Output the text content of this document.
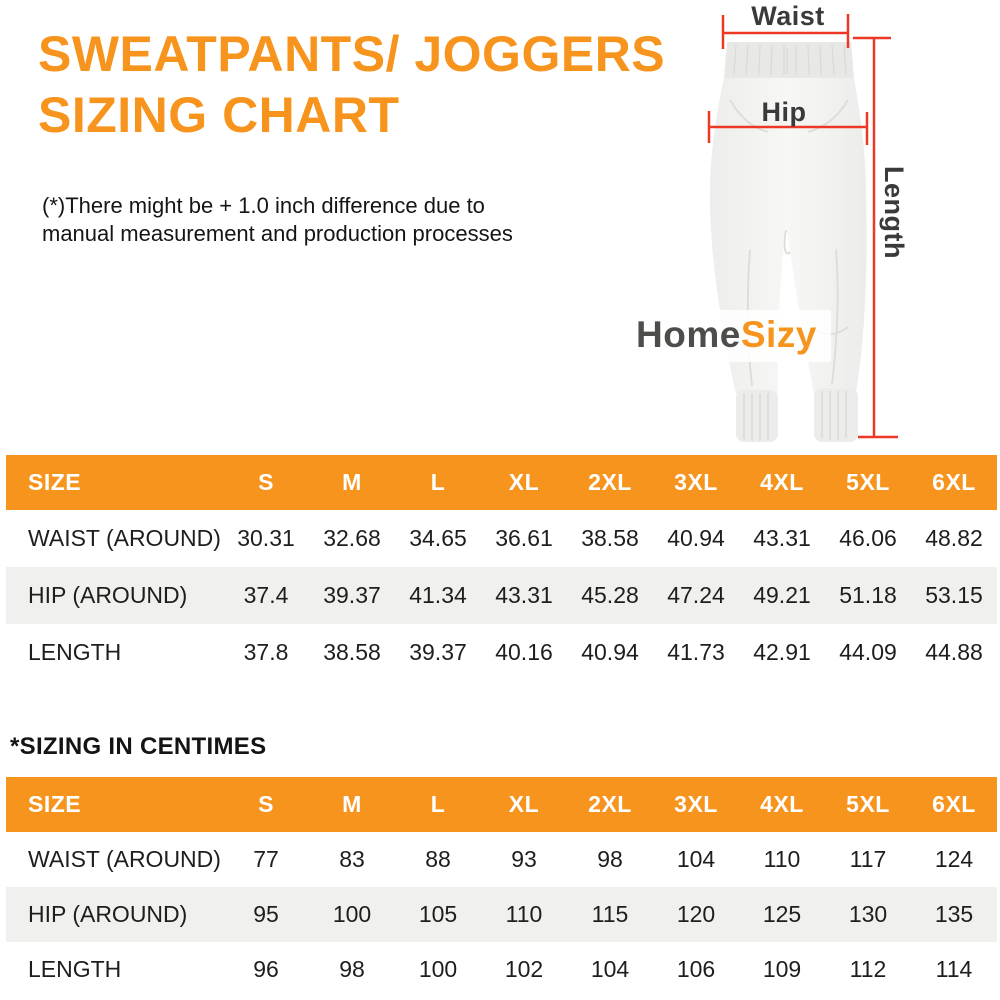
SWEATPANTS/ JOGGERS
SIZING CHART
(*)There might be + 1.0 inch difference due to
manual measurement and production processes
Waist
Hip
Length
HomeSizy
SIZE	S	M	L	XL	2XL	3XL	4XL	5XL	6XL
WAIST (AROUND)	30.31	32.68	34.65	36.61	38.58	40.94	43.31	46.06	48.82
HIP (AROUND)	37.4	39.37	41.34	43.31	45.28	47.24	49.21	51.18	53.15
LENGTH	37.8	38.58	39.37	40.16	40.94	41.73	42.91	44.09	44.88
*SIZING IN CENTIMES
SIZE	S	M	L	XL	2XL	3XL	4XL	5XL	6XL
WAIST (AROUND)	77	83	88	93	98	104	110	117	124
HIP (AROUND)	95	100	105	110	115	120	125	130	135
LENGTH	96	98	100	102	104	106	109	112	114
